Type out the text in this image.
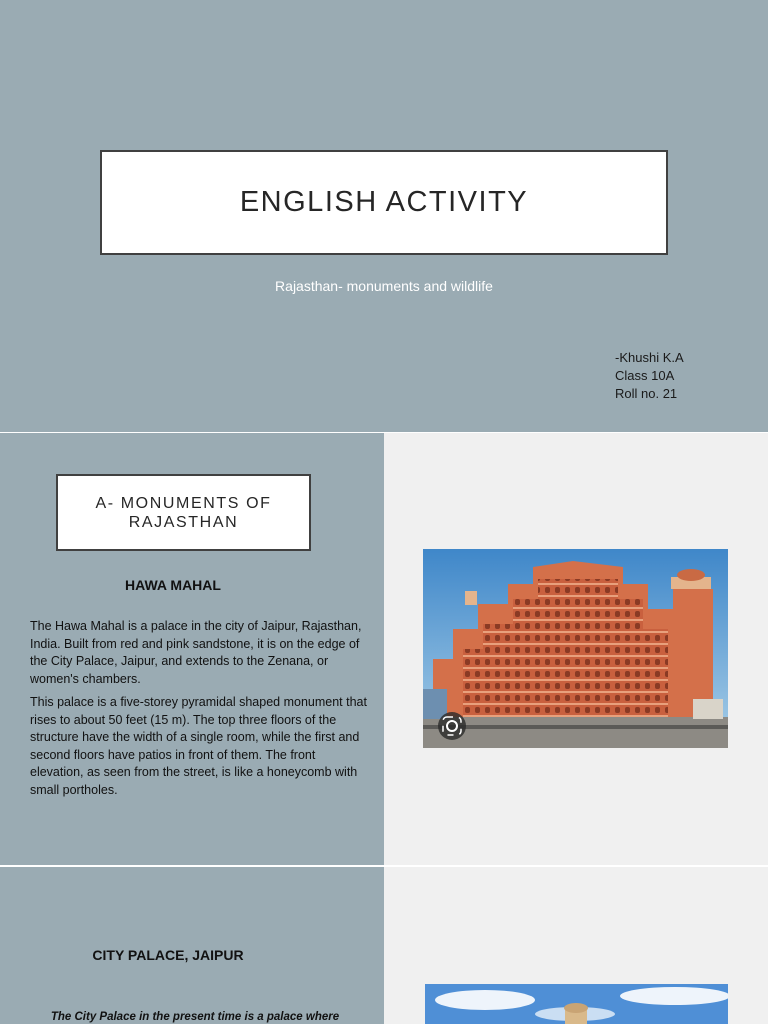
ENGLISH ACTIVITY
Rajasthan- monuments and wildlife
-Khushi K.A
Class 10A
Roll no. 21
A- MONUMENTS OF RAJASTHAN
HAWA MAHAL

The Hawa Mahal is a palace in the city of Jaipur, Rajasthan, India. Built from red and pink sandstone, it is on the edge of the City Palace, Jaipur, and extends to the Zenana, or women's chambers.

This palace is a five-storey pyramidal shaped monument that rises to about 50 feet (15 m). The top three floors of the structure have the width of a single room, while the first and second floors have patios in front of them. The front elevation, as seen from the street, is like a honeycomb with small portholes.

CITY PALACE, JAIPUR
The City Palace in the present time is a palace where
